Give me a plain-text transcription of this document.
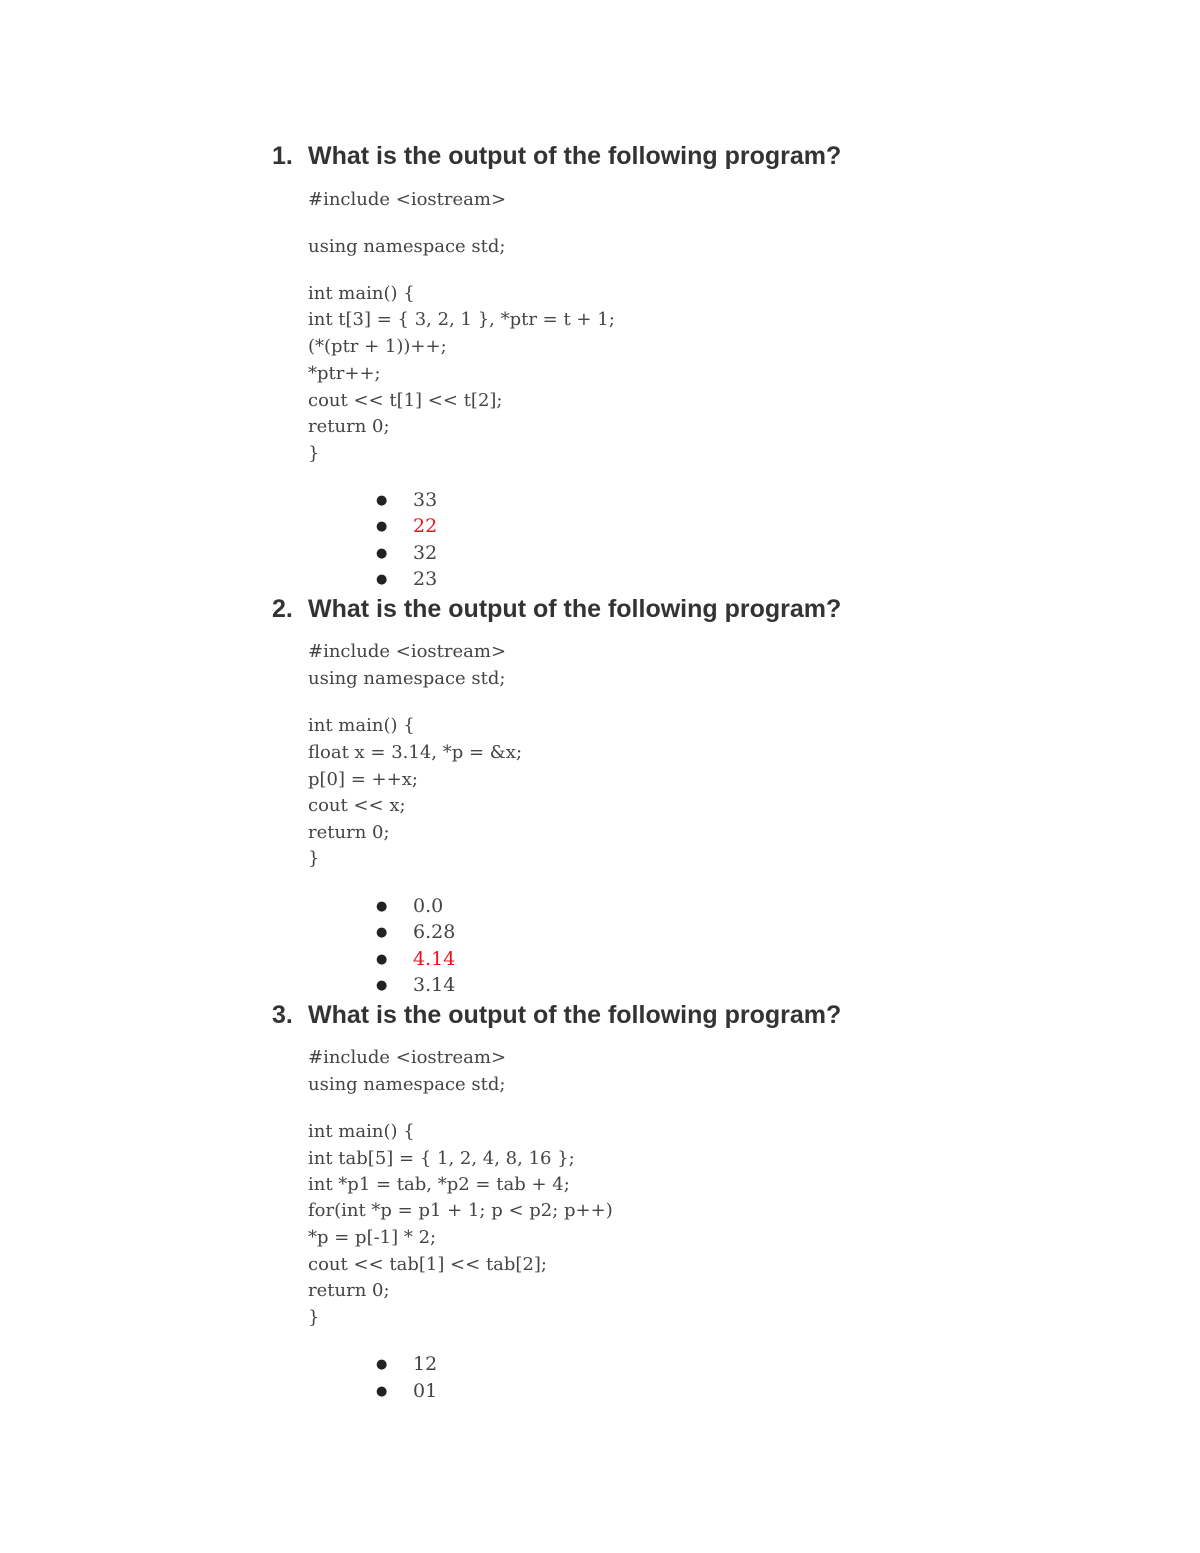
1. What is the output of the following program?

#include <iostream>

using namespace std;

int main() {

int t[3] = { 3, 2, 1 }, *ptr = t + 1;

(*(ptr + 1))++;

*ptr++;

cout << t[1] << t[2];

return 0;

}

● 33

● 22

● 32

● 23

2. What is the output of the following program?

#include <iostream>

using namespace std;

int main() {

float x = 3.14, *p = &x;

p[0] = ++x;

cout << x;

return 0;

}

● 0.0

● 6.28

● 4.14

● 3.14

3. What is the output of the following program?

#include <iostream>

using namespace std;

int main() {

int tab[5] = { 1, 2, 4, 8, 16 };

int *p1 = tab, *p2 = tab + 4;

for(int *p = p1 + 1; p < p2; p++)

*p = p[-1] * 2;

cout << tab[1] << tab[2];

return 0;

}

● 12

● 01
